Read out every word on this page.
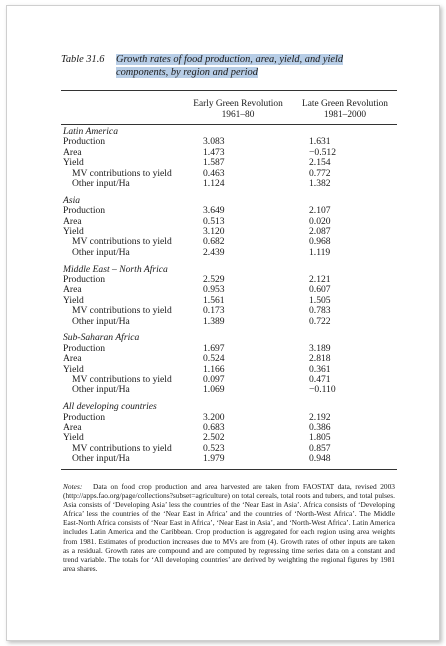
Table 31.6 Growth rates of food production, area, yield, and yield
components, by region and period
Early Green Revolution
1961–80
Late Green Revolution
1981–2000
Latin America
Production	3.083	1.631
Area	1.473	−0.512
Yield	1.587	2.154
MV contributions to yield	0.463	0.772
Other input/Ha	1.124	1.382
Asia
Production	3.649	2.107
Area	0.513	0.020
Yield	3.120	2.087
MV contributions to yield	0.682	0.968
Other input/Ha	2.439	1.119
Middle East – North Africa
Production	2.529	2.121
Area	0.953	0.607
Yield	1.561	1.505
MV contributions to yield	0.173	0.783
Other input/Ha	1.389	0.722
Sub-Saharan Africa
Production	1.697	3.189
Area	0.524	2.818
Yield	1.166	0.361
MV contributions to yield	0.097	0.471
Other input/Ha	1.069	−0.110
All developing countries
Production	3.200	2.192
Area	0.683	0.386
Yield	2.502	1.805
MV contributions to yield	0.523	0.857
Other input/Ha	1.979	0.948
Notes: Data on food crop production and area harvested are taken from FAOSTAT data, revised 2003 (http://apps.fao.org/page/collections?subset=agriculture) on total cereals, total roots and tubers, and total pulses. Asia consists of ‘Developing Asia’ less the countries of the ‘Near East in Asia’. Africa consists of ‘Developing Africa’ less the countries of the ‘Near East in Africa’ and the countries of ‘North-West Africa’. The Middle East-North Africa consists of ‘Near East in Africa’, ‘Near East in Asia’, and ‘North-West Africa’. Latin America includes Latin America and the Caribbean. Crop production is aggregated for each region using area weights from 1981. Estimates of production increases due to MVs are from (4). Growth rates of other inputs are taken as a residual. Growth rates are compound and are computed by regressing time series data on a constant and trend variable. The totals for ‘All developing countries’ are derived by weighting the regional figures by 1981 area shares.
